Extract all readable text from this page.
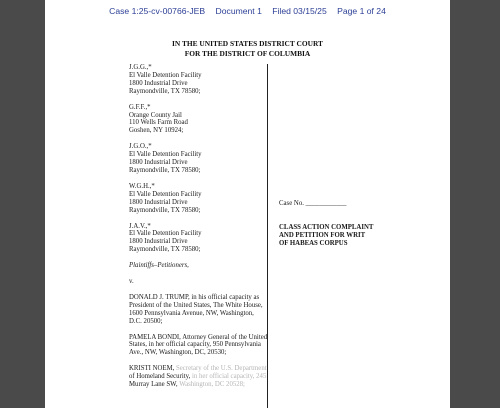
Case 1:25-cv-00766-JEB Document 1 Filed 03/15/25 Page 1 of 24
IN THE UNITED STATES DISTRICT COURT
FOR THE DISTRICT OF COLUMBIA
J.G.G.,*
El Valle Detention Facility
1800 Industrial Drive
Raymondville, TX 78580;
G.F.F.,*
Orange County Jail
110 Wells Farm Road
Goshen, NY 10924;
J.G.O.,*
El Valle Detention Facility
1800 Industrial Drive
Raymondville, TX 78580;
W.G.H.,*
El Valle Detention Facility
1800 Industrial Drive
Raymondville, TX 78580;
J.A.V.,*
El Valle Detention Facility
1800 Industrial Drive
Raymondville, TX 78580;
Plaintiffs–Petitioners,
v.
DONALD J. TRUMP, in his official capacity as
President of the United States, The White House,
1600 Pennsylvania Avenue, NW, Washington,
D.C. 20500;
PAMELA BONDI, Attorney General of the United
States, in her official capacity, 950 Pennsylvania
Ave., NW, Washington, DC, 20530;
KRISTI NOEM, Secretary of the U.S. Department
of Homeland Security, in her official capacity, 245
Murray Lane SW, Washington, DC 20528;
Case No. ____________
CLASS ACTION COMPLAINT
AND PETITION FOR WRIT
OF HABEAS CORPUS
